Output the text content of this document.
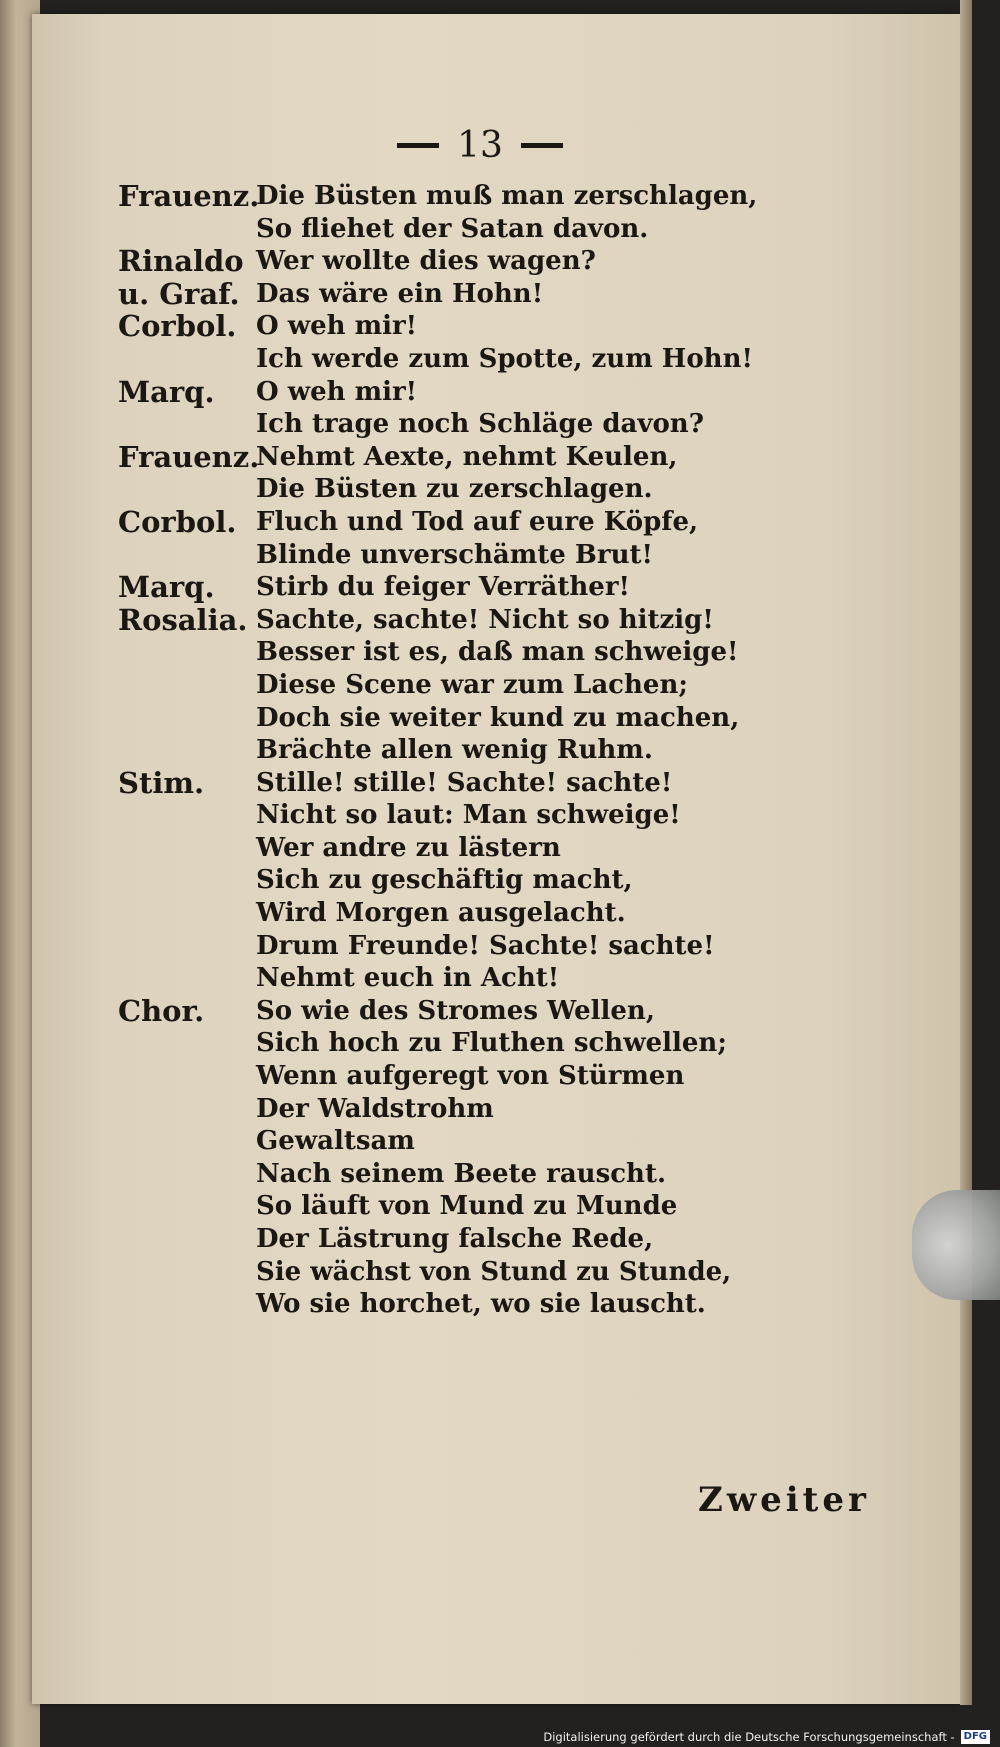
13
Frauenz.
Die Büsten muß man zerschlagen,
So fliehet der Satan davon.
Rinaldo Wer wollte dies wagen?
u. Graf. Das wäre ein Hohn!
Corbol. O weh mir!
Ich werde zum Spotte, zum Hohn!
Marq. O weh mir!
Ich trage noch Schläge davon?
Frauenz.
Nehmt Aexte, nehmt Keulen,
Die Büsten zu zerschlagen.
Corbol. Fluch und Tod auf eure Köpfe,
Blinde unverschämte Brut!
Marq. Stirb du feiger Verräther!
Rosalia. Sachte, sachte! Nicht so hitzig!
Besser ist es, daß man schweige!
Diese Scene war zum Lachen;
Doch sie weiter kund zu machen,
Brächte allen wenig Ruhm.
Stim. Stille! stille! Sachte! sachte!
Nicht so laut: Man schweige!
Wer andre zu lästern
Sich zu geschäftig macht,
Wird Morgen ausgelacht.
Drum Freunde! Sachte! sachte!
Nehmt euch in Acht!
Chor. So wie des Stromes Wellen,
Sich hoch zu Fluthen schwellen;
Wenn aufgeregt von Stürmen
Der Waldstrohm
Gewaltsam
Nach seinem Beete rauscht.
So läuft von Mund zu Munde
Der Lästrung falsche Rede,
Sie wächst von Stund zu Stunde,
Wo sie horchet, wo sie lauscht.
Zweiter
Digitalisierung gefördert durch die Deutsche Forschungsgemeinschaft - DFG
